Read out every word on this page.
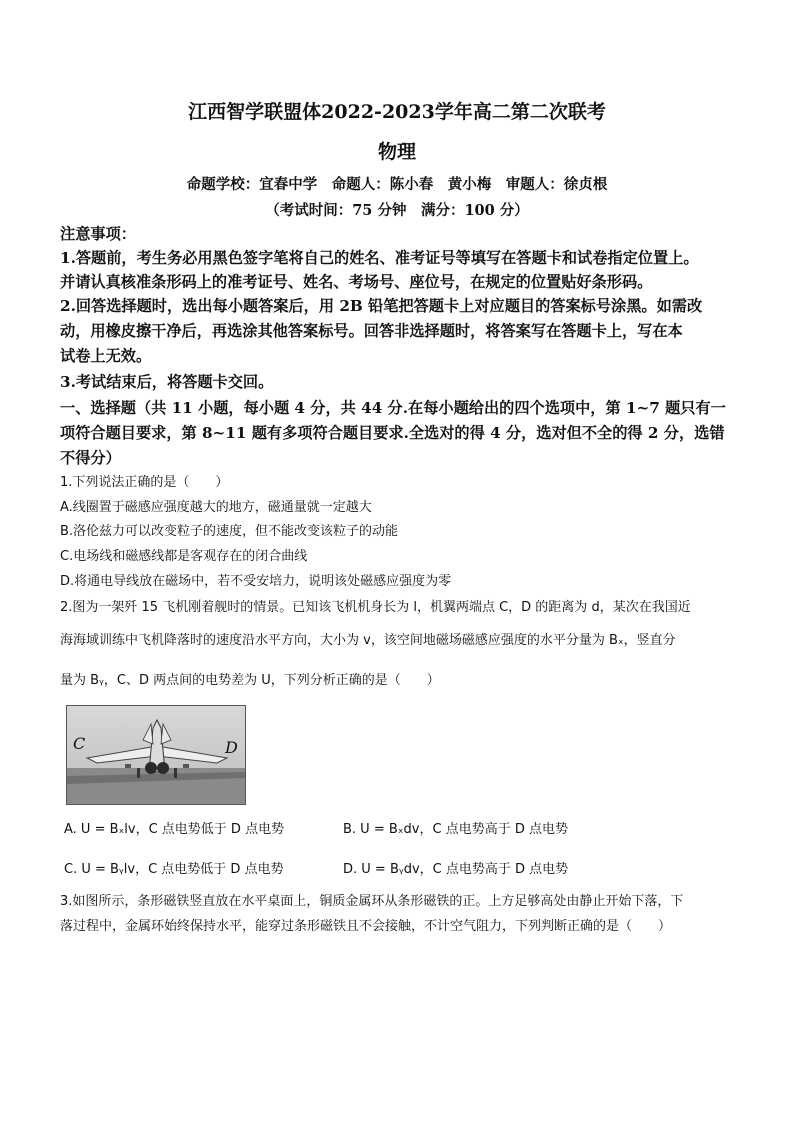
江西智学联盟体2022-2023学年高二第二次联考
物理
命题学校：宜春中学　命题人：陈小春　黄小梅　审题人：徐贞根
（考试时间：75 分钟　满分：100 分）
注意事项：
1.答题前，考生务必用黑色签字笔将自己的姓名、准考证号等填写在答题卡和试卷指定位置上。
并请认真核准条形码上的准考证号、姓名、考场号、座位号，在规定的位置贴好条形码。
2.回答选择题时，选出每小题答案后，用 2B 铅笔把答题卡上对应题目的答案标号涂黑。如需改
动，用橡皮擦干净后，再选涂其他答案标号。回答非选择题时，将答案写在答题卡上，写在本
试卷上无效。
3.考试结束后，将答题卡交回。
一、选择题（共 11 小题，每小题 4 分，共 44 分.在每小题给出的四个选项中，第 1~7 题只有一
项符合题目要求，第 8~11 题有多项符合题目要求.全选对的得 4 分，选对但不全的得 2 分，选错
不得分）
1.下列说法正确的是（　　）
A.线圈置于磁感应强度越大的地方，磁通量就一定越大
B.洛伦兹力可以改变粒子的速度，但不能改变该粒子的动能
C.电场线和磁感线都是客观存在的闭合曲线
D.将通电导线放在磁场中，若不受安培力，说明该处磁感应强度为零
2.图为一架歼 15 飞机刚着舰时的情景。已知该飞机机身长为 l，机翼两端点 C，D 的距离为 d，某次在我国近
海海域训练中飞机降落时的速度沿水平方向，大小为 v，该空间地磁场磁感应强度的水平分量为 Bₓ，竖直分
量为 Bᵧ，C、D 两点间的电势差为 U，下列分析正确的是（　　）
C	D
A. U = Bₓlv，C 点电势低于 D 点电势	B. U = Bₓdv，C 点电势高于 D 点电势
C. U = Bᵧlv，C 点电势低于 D 点电势	D. U = Bᵧdv，C 点电势高于 D 点电势
3.如图所示，条形磁铁竖直放在水平桌面上，铜质金属环从条形磁铁的正。上方足够高处由静止开始下落，下
落过程中，金属环始终保持水平，能穿过条形磁铁且不会接触，不计空气阻力，下列判断正确的是（　　）
